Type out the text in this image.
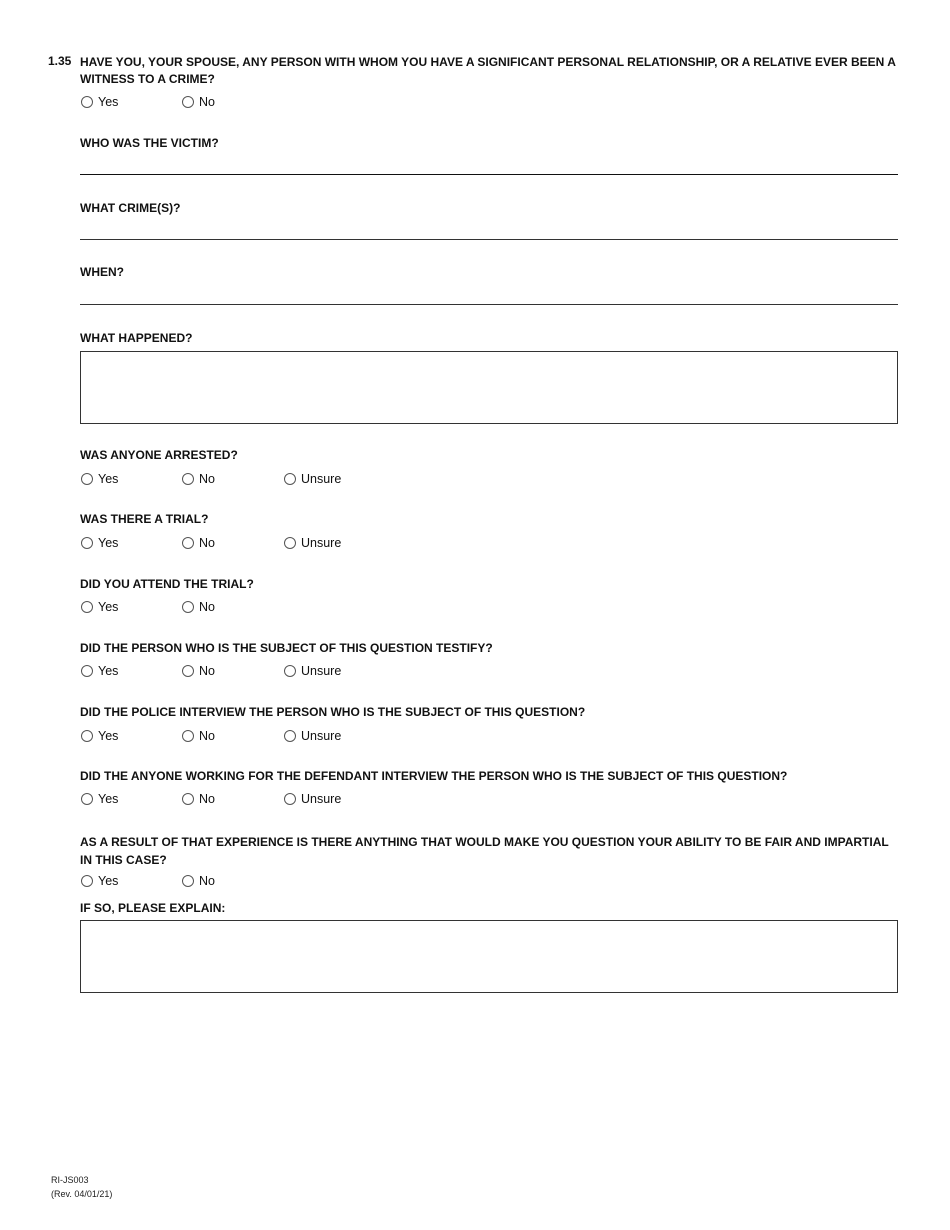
1.35 HAVE YOU, YOUR SPOUSE, ANY PERSON WITH WHOM YOU HAVE A SIGNIFICANT PERSONAL RELATIONSHIP, OR A RELATIVE EVER BEEN A WITNESS TO A CRIME?
Yes	No
WHO WAS THE VICTIM?
WHAT CRIME(S)?
WHEN?
WHAT HAPPENED?
WAS ANYONE ARRESTED?
Yes	No	Unsure
WAS THERE A TRIAL?
Yes	No	Unsure
DID YOU ATTEND THE TRIAL?
Yes	No
DID THE PERSON WHO IS THE SUBJECT OF THIS QUESTION TESTIFY?
Yes	No	Unsure
DID THE POLICE INTERVIEW THE PERSON WHO IS THE SUBJECT OF THIS QUESTION?
Yes	No	Unsure
DID THE ANYONE WORKING FOR THE DEFENDANT INTERVIEW THE PERSON WHO IS THE SUBJECT OF THIS QUESTION?
Yes	No	Unsure
AS A RESULT OF THAT EXPERIENCE IS THERE ANYTHING THAT WOULD MAKE YOU QUESTION YOUR ABILITY TO BE FAIR AND IMPARTIAL IN THIS CASE?
Yes	No
IF SO, PLEASE EXPLAIN:
RI-JS003
(Rev. 04/01/21)
